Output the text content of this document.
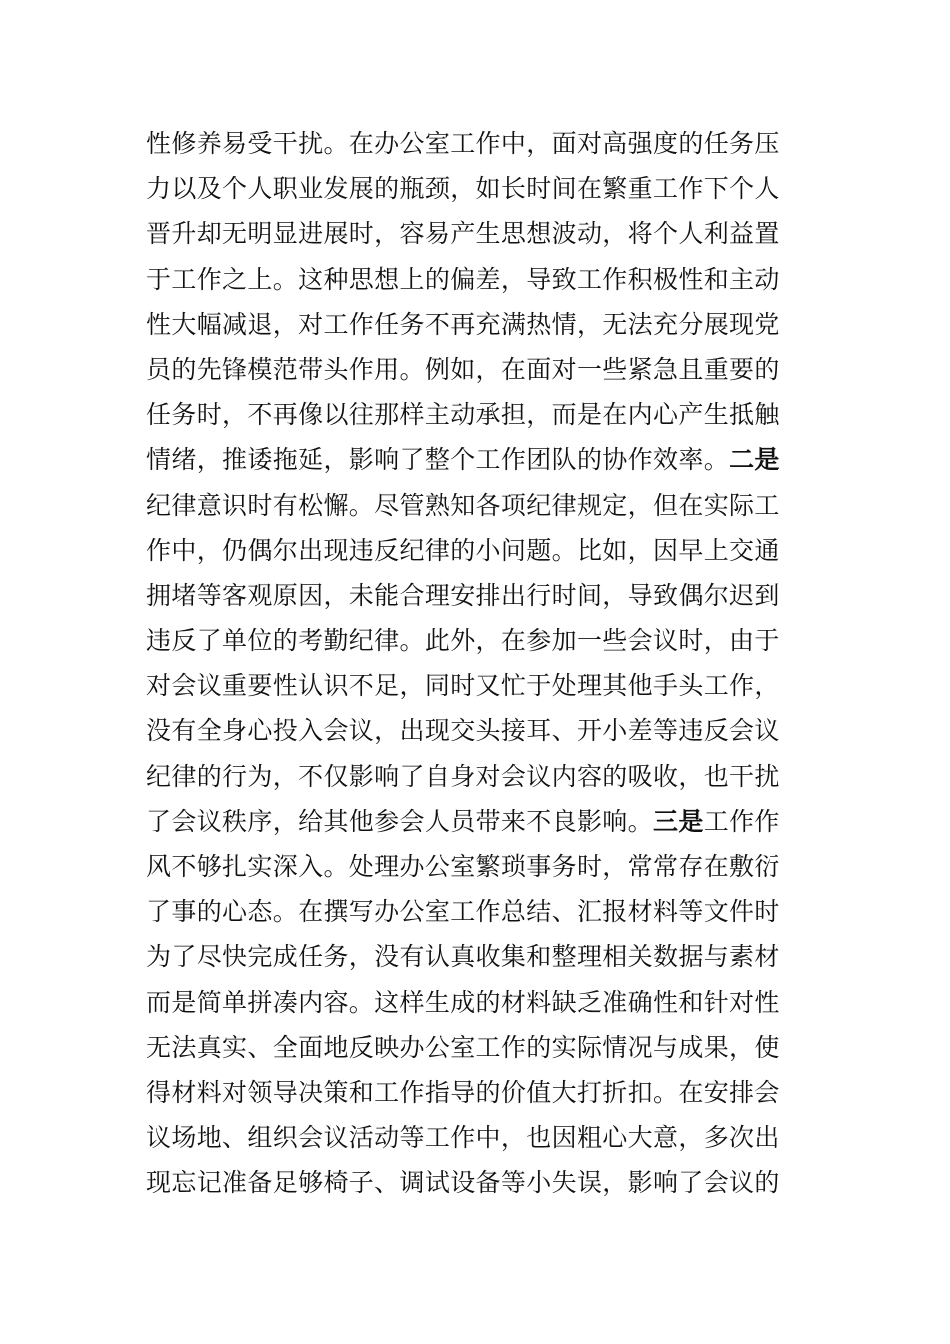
性修养易受干扰。在办公室工作中，面对高强度的任务压
力以及个人职业发展的瓶颈，如长时间在繁重工作下个人
晋升却无明显进展时，容易产生思想波动，将个人利益置
于工作之上。这种思想上的偏差，导致工作积极性和主动
性大幅减退，对工作任务不再充满热情，无法充分展现党
员的先锋模范带头作用。例如，在面对一些紧急且重要的
任务时，不再像以往那样主动承担，而是在内心产生抵触
情绪，推诿拖延，影响了整个工作团队的协作效率。二是
纪律意识时有松懈。尽管熟知各项纪律规定，但在实际工
作中，仍偶尔出现违反纪律的小问题。比如，因早上交通
拥堵等客观原因，未能合理安排出行时间，导致偶尔迟到
违反了单位的考勤纪律。此外，在参加一些会议时，由于
对会议重要性认识不足，同时又忙于处理其他手头工作，
没有全身心投入会议，出现交头接耳、开小差等违反会议
纪律的行为，不仅影响了自身对会议内容的吸收，也干扰
了会议秩序，给其他参会人员带来不良影响。三是工作作
风不够扎实深入。处理办公室繁琐事务时，常常存在敷衍
了事的心态。在撰写办公室工作总结、汇报材料等文件时
为了尽快完成任务，没有认真收集和整理相关数据与素材
而是简单拼凑内容。这样生成的材料缺乏准确性和针对性
无法真实、全面地反映办公室工作的实际情况与成果，使
得材料对领导决策和工作指导的价值大打折扣。在安排会
议场地、组织会议活动等工作中，也因粗心大意，多次出
现忘记准备足够椅子、调试设备等小失误，影响了会议的
